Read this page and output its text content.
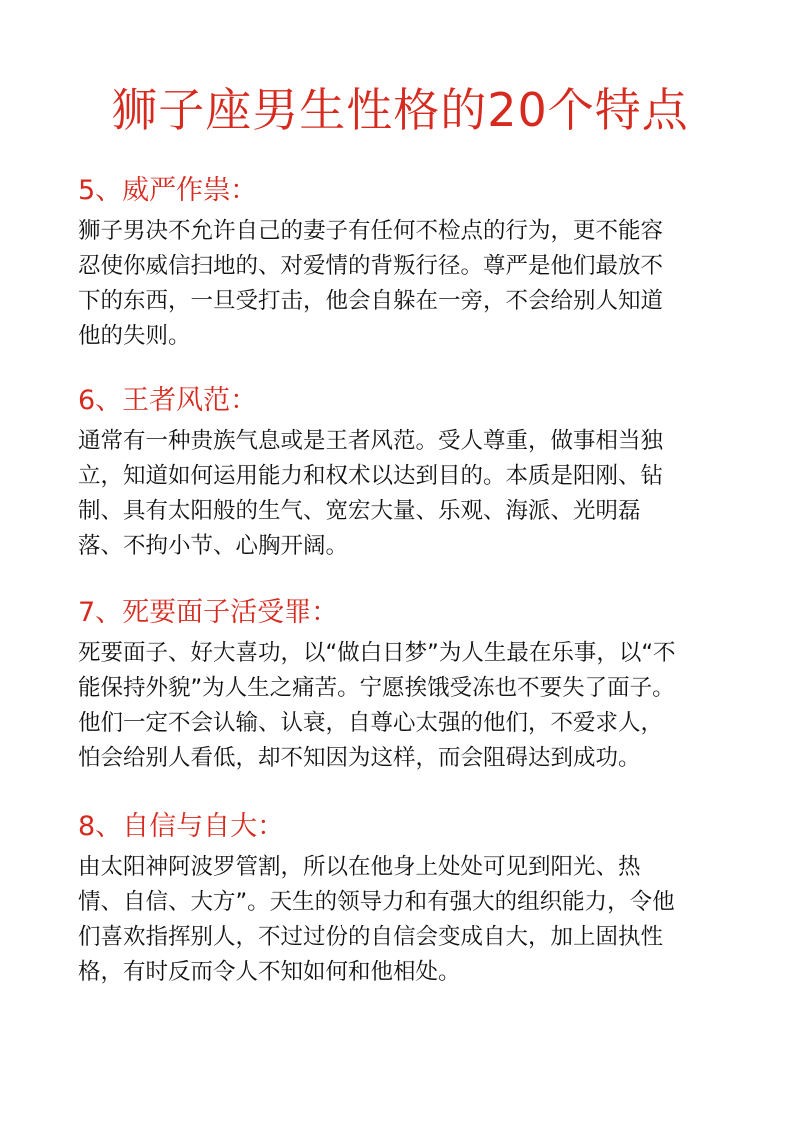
狮子座男生性格的20个特点
5、威严作祟：

狮子男决不允许自己的妻子有任何不检点的行为，更不能容
忍使你威信扫地的、对爱情的背叛行径。尊严是他们最放不
下的东西，一旦受打击，他会自躲在一旁，不会给别人知道
他的失则。

6、王者风范：

通常有一种贵族气息或是王者风范。受人尊重，做事相当独
立，知道如何运用能力和权术以达到目的。本质是阳刚、钻
制、具有太阳般的生气、宽宏大量、乐观、海派、光明磊
落、不拘小节、心胸开阔。

7、死要面子活受罪：

死要面子、好大喜功，以“做白日梦”为人生最在乐事，以“不
能保持外貌”为人生之痛苦。宁愿挨饿受冻也不要失了面子。
他们一定不会认输、认衰，自尊心太强的他们，不爱求人，
怕会给别人看低，却不知因为这样，而会阻碍达到成功。

8、自信与自大：

由太阳神阿波罗管割，所以在他身上处处可见到阳光、热
情、自信、大方”。天生的领导力和有强大的组织能力，令他
们喜欢指挥别人，不过过份的自信会变成自大，加上固执性
格，有时反而令人不知如何和他相处。
